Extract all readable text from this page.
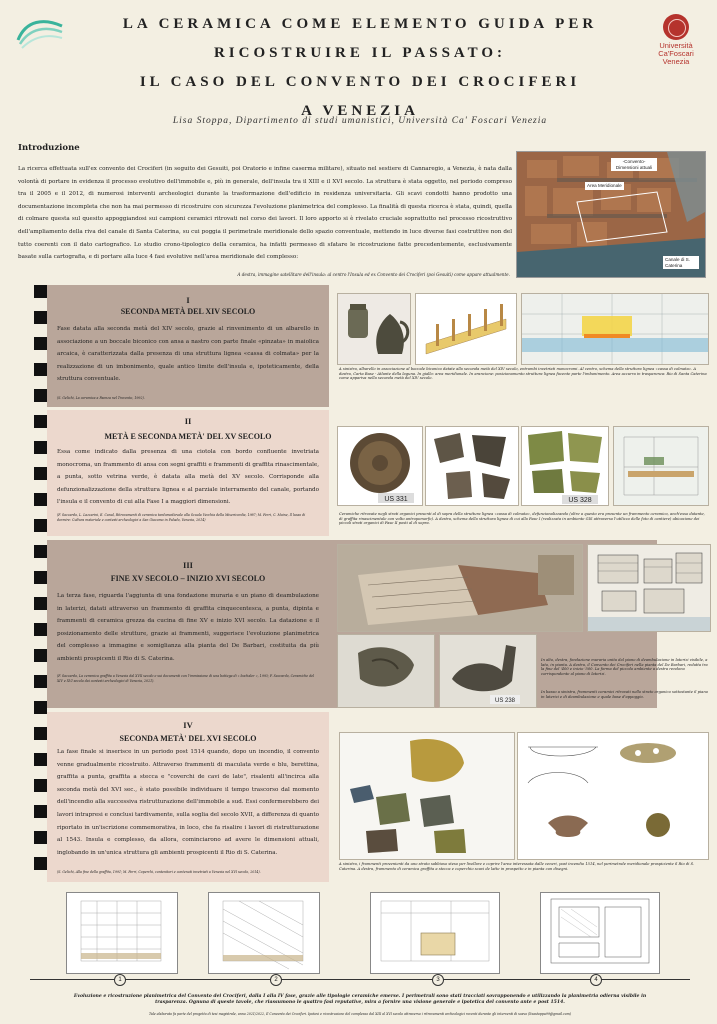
LA CERAMICA COME ELEMENTO GUIDA PER
RICOSTRUIRE IL PASSATO:
IL CASO DEL CONVENTO DEI CROCIFERI
A VENEZIA
Lisa Stoppa, Dipartimento di studi umanistici, Università Ca' Foscari Venezia
Università
Ca'Foscari
Venezia
Introduzione
La ricerca effettuata sull'ex convento dei Crociferi (in seguito dei Gesuiti, poi Oratorio e infine caserma militare), situato nel sestiere di Cannaregio, a Venezia, è nata dalla volontà di portare in evidenza il processo evolutivo dell'immobile e, più in generale, dell'insula tra il XIII e il XVI secolo. La struttura è stata oggetto, nel periodo compreso tra il 2005 e il 2012, di numerosi interventi archeologici durante la trasformazione dell'edificio in residenza universitaria. Gli scavi condotti hanno prodotto una documentazione incompleta che non ha mai permesso di ricostruire con sicurezza l'evoluzione planimetrica del complesso. La finalità di questa ricerca è stata, quindi, quella di colmare questa sul quesito appoggiandosi sui campioni ceramici ritrovati nel corso dei lavori. Il loro apporto si è rivelato cruciale soprattutto nel processo ricostruttivo dell'ampliamento della riva del canale di Santa Caterina, su cui poggia il perimetrale meridionale dello spazio conventuale, mettendo in luce diverse fasi costruttive non del tutto coerenti con il dato cartografico. Lo studio crono-tipologico della ceramica, ha infatti permesso di sfatare le ricostruzione fatte precedentemente, esclusivamente basate sulla cartografia, e di portare alla luce 4 fasi evolutive nell'area meridionale del complesso:
A destra, immagine satellitare dell'insula: al centro l'Insula ed ex Convento dei Crociferi (poi Gesuiti) come appare attualmente.
-Convento- Dimensioni attuali
Area Meridionale
Canale di S. Caterina
I
SECONDA METÀ DEL XIV SECOLO
Fase datata alla seconda metà del XIV secolo, grazie al rinvenimento di un albarello in associazione a un boccale biconico con ansa a nastro con parte finale «pinzata» in maiolica arcaica, è caratterizzata dalla presenza di una struttura lignea «cassa di colmata» per la realizzazione di un imbonimento, quale antico limite dell'insula e, ipoteticamente, della struttura conventuale.
(S. Gelichi, La ceramica a Faenza nel Trecento, 1992).
A sinistra, albarello in associazione al boccale biconico datate alla seconda metà del XIV secolo, entrambi invetriati monocromi. Al centro, schema della struttura lignea «cassa di colmata». A destra, Carta Base - Atlante della laguna. In giallo: area meridionale. In arancione: posizionamento struttura lignea facente parte l'imbonimento. Area azzurra in trasparenza: Rio di Santa Caterina come appariva nella seconda metà del XIV secolo.
II
METÀ E SECONDA METÀ' DEL XV SECOLO
Essa come indicato dalla presenza di una ciotola con bordo confluente invetriata monocroma, un frammento di ansa con segni graffiti e frammenti di graffita rinascimentale, a punta, sotto vetrina verde, è datata alla metà del XV secolo. Corrisponde alla defunzionalizzazione della struttura lignea e al parziale interramento del canale, portando l'insula e il convento di cui alla Fase I a maggiori dimensioni.
(F. Saccardo, L. Lazzarini, E. Canal, Ritrovamenti di ceramica tardomedievale alla Scuola Vecchia della Misericordia, 1987; M. Ferri, C. Moine, Il lusso di dormire: Cultura materiale e contesti archeologici a San Giacomo in Paludo, Venezia, 2014)
US 331	US 328
Ceramiche ritrovate negli strati organici presenti al di sopra della struttura lignea «cassa di colmata», defunzionalizzando (oltre a questo era presente un frammento ceramico, anch'esso datante, di graffita rinascimentale con volto antropomorfo). A destra, schema della struttura lignea di cui alla Fase I (realizzata in ambiente GIS attraverso l'utilizzo delle foto di cantiere) ubicazione dei piccoli strati organici di Fase II posti al di sopra.
III
FINE XV SECOLO – INIZIO XVI SECOLO
La terza fase, riguarda l'aggiunta di una fondazione muraria e un piano di deambulazione in laterizi, datati attraverso un frammento di graffita cinquecentesca, a punta, dipinta e frammenti di ceramica grezza da cucina di fine XV e inizio XVI secolo. La datazione e il posizionamento delle strutture, grazie ai frammenti, suggerisce l'evoluzione planimetrica del complesso a immagine e somiglianza alla pianta del De Barbari, costituita da più ambienti prospicenti il Rio di S. Caterina.
(F. Saccardo, La ceramica graffita a Venezia dal XVII secolo e sui documenti con l'immissione di una bottega di « bochaler », 1993; F. Saccardo, Ceramiche del XIV e XVI secolo dai contesti archeologici di Venezia, 2021).
US 238
In alto, destra, fondazione muraria unita dal piano di deambulazione in laterizi visibile, a lato, in pianta. A destra, il Convento dei Crociferi nella pianta del De Barbari, redatta tra la fine del '400 e inizio '500. La forma del piccolo ambiente a destra rendono corrispondente al piano di laterizi.
In basso a sinistra, frammenti ceramici ritrovati nello strato organico sottostante il piano in laterizi e di deambulazione e quale base d'appoggio.
IV
SECONDA METÀ' DEL XVI SECOLO
La fase finale si inserisce in un periodo post 1514 quando, dopo un incendio, il convento venne gradualmente ricostruito. Attraverso frammenti di maculata verde e blu, berettina, graffita a punta, graffita a stecca e "coverchi de cavi de late", risalenti all'incirca alla seconda metà del XVI sec., è stato possibile individuare il tempo trascorso dal momento dell'incendio alla successiva ristrutturazione dell'immobile a sud. Essi confermerebbero dei lavori intrapresi e conclusi tardivamente, sulla soglia del secolo XVII, a differenza di quanto riportato in un'iscrizione commemorativa, in loco, che fa risalire i lavori di ristrutturazione al 1543. Insula e complesso, da allora, cominciarono ad avere le dimensioni attuali, inglobando in un'unica struttura gli ambienti prospicenti il Rio di S. Caterina.
(S. Gelichi, Alla fine della graffita, 1991; M. Ferri, Coperchi, contenitori e contenuti invetriati a Venezia nel XVI secolo, 2014).
A sinistra, i frammenti provenienti da uno strato sabbioso steso per livellare e coprire l'area interessata dalle ceneri, post incendio 1514, nel perimetrale meridionale prospiciente il Rio di S. Caterina. A destra, frammento di ceramica graffita a stecca e coperchio scavi de latte in prospetto e in pianta con disegni.
1	2	3	4
Evoluzione e ricostruzione planimetrica del Convento dei Crociferi, dalla I alla IV fase, grazie alle tipologie ceramiche emerse. I perimetrali sono stati tracciati sovrapponendo e utilizzando la planimetria odierna visibile in trasparenza. Ognuna di queste tavole, che riassumono le quattro fasi reputative, mira a fornire una visione generale e ipotetica del convento ante e post 1514.
Tale elaborato fa parte del progetto di tesi magistrale, anno 2021/2022, Il Convento dei Crociferi. Ipotesi e ricostruzione del complesso dal XIII al XVI secolo attraverso i ritrovamenti archeologici recenti durante gli interventi di scavo (lisastoppa99@gmail.com)
